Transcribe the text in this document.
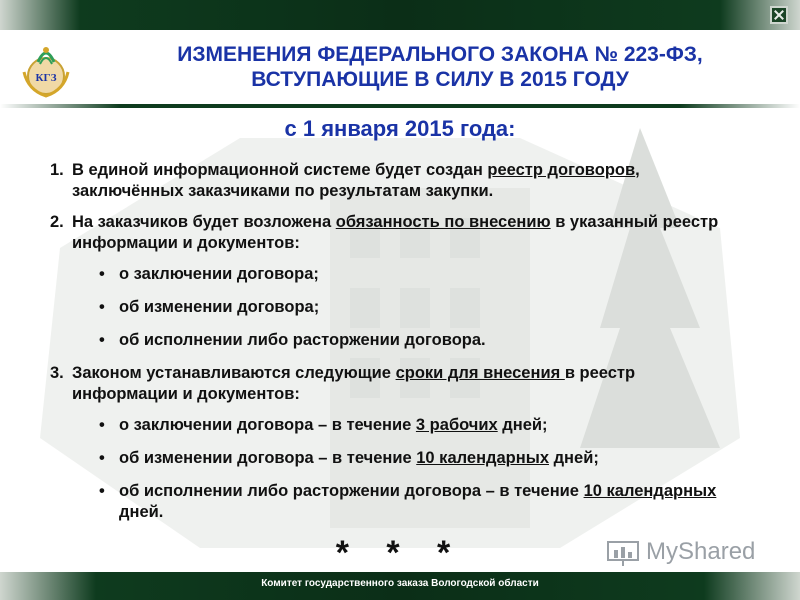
КГЗ
ИЗМЕНЕНИЯ ФЕДЕРАЛЬНОГО ЗАКОНА № 223-ФЗ,
ВСТУПАЮЩИЕ В СИЛУ В 2015 ГОДУ
с 1 января 2015 года:
1. В единой информационной системе будет создан реестр договоров, заключённых заказчиками по результатам закупки.
2. На заказчиков будет возложена обязанность по внесению в указанный реестр информации и документов:
• о заключении договора;
• об изменении договора;
• об исполнении либо расторжении договора.
3. Законом устанавливаются следующие сроки для внесения в реестр информации и документов:
• о заключении договора – в течение 3 рабочих дней;
• об изменении договора – в течение 10 календарных дней;
• об исполнении либо расторжении договора – в течение 10 календарных дней.
* * *	MyShared
Комитет государственного заказа Вологодской области
